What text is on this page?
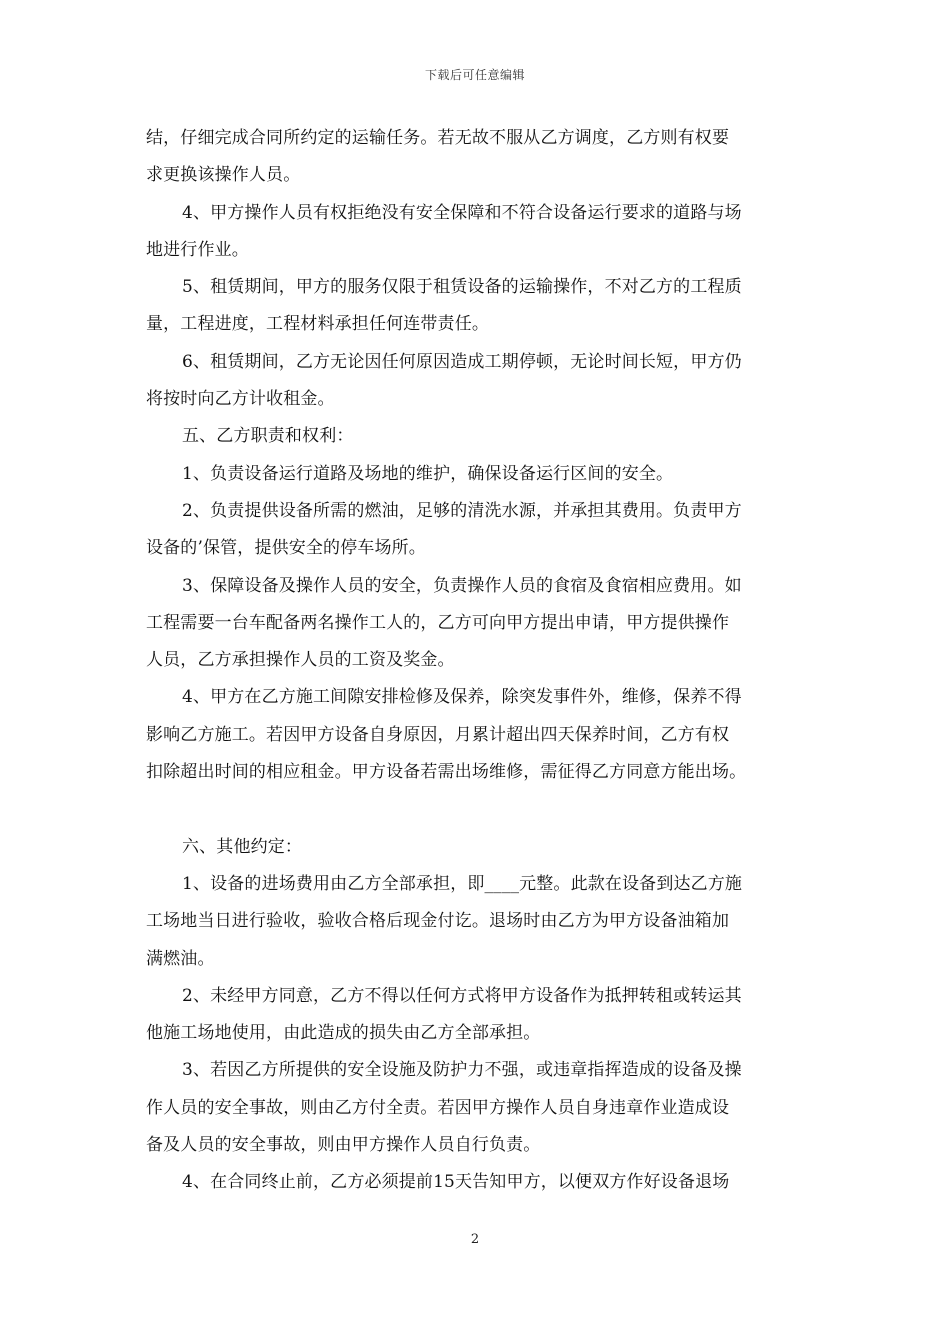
下载后可任意编辑
结，仔细完成合同所约定的运输任务。若无故不服从乙方调度，乙方则有权要
求更换该操作人员。
4、甲方操作人员有权拒绝没有安全保障和不符合设备运行要求的道路与场
地进行作业。
5、租赁期间，甲方的服务仅限于租赁设备的运输操作，不对乙方的工程质
量，工程进度，工程材料承担任何连带责任。
6、租赁期间，乙方无论因任何原因造成工期停顿，无论时间长短，甲方仍
将按时向乙方计收租金。
五、乙方职责和权利：
1、负责设备运行道路及场地的维护，确保设备运行区间的安全。
2、负责提供设备所需的燃油，足够的清洗水源，并承担其费用。负责甲方
设备的’保管，提供安全的停车场所。
3、保障设备及操作人员的安全，负责操作人员的食宿及食宿相应费用。如
工程需要一台车配备两名操作工人的，乙方可向甲方提出申请，甲方提供操作
人员，乙方承担操作人员的工资及奖金。
4、甲方在乙方施工间隙安排检修及保养，除突发事件外，维修，保养不得
影响乙方施工。若因甲方设备自身原因，月累计超出四天保养时间，乙方有权
扣除超出时间的相应租金。甲方设备若需出场维修，需征得乙方同意方能出场。
六、其他约定：
1、设备的进场费用由乙方全部承担，即____元整。此款在设备到达乙方施
工场地当日进行验收，验收合格后现金付讫。退场时由乙方为甲方设备油箱加
满燃油。
2、未经甲方同意，乙方不得以任何方式将甲方设备作为抵押转租或转运其
他施工场地使用，由此造成的损失由乙方全部承担。
3、若因乙方所提供的安全设施及防护力不强，或违章指挥造成的设备及操
作人员的安全事故，则由乙方付全责。若因甲方操作人员自身违章作业造成设
备及人员的安全事故，则由甲方操作人员自行负责。
4、在合同终止前，乙方必须提前15天告知甲方，以便双方作好设备退场
2
